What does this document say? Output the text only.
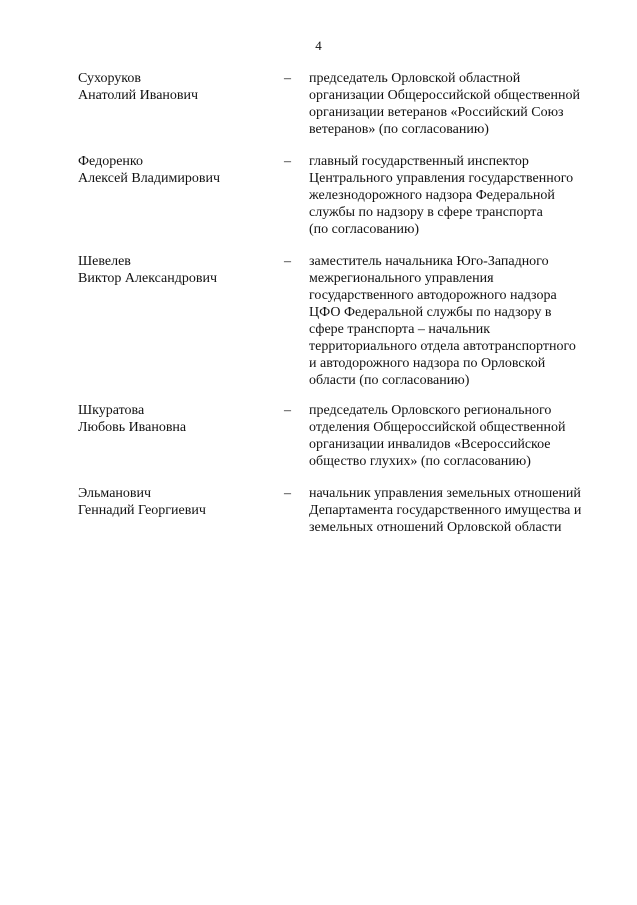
4
Сухоруков
Анатолий Иванович
– председатель Орловской областной
организации Общероссийской общественной
организации ветеранов «Российский Союз
ветеранов» (по согласованию)
Федоренко
Алексей Владимирович
– главный государственный инспектор
Центрального управления государственного
железнодорожного надзора Федеральной
службы по надзору в сфере транспорта
(по согласованию)
Шевелев
Виктор Александрович
– заместитель начальника Юго-Западного
межрегионального управления
государственного автодорожного надзора
ЦФО Федеральной службы по надзору в
сфере транспорта – начальник
территориального отдела автотранспортного
и автодорожного надзора по Орловской
области (по согласованию)
Шкуратова
Любовь Ивановна
– председатель Орловского регионального
отделения Общероссийской общественной
организации инвалидов «Всероссийское
общество глухих» (по согласованию)
Эльманович
Геннадий Георгиевич
– начальник управления земельных отношений
Департамента государственного имущества и
земельных отношений Орловской области
